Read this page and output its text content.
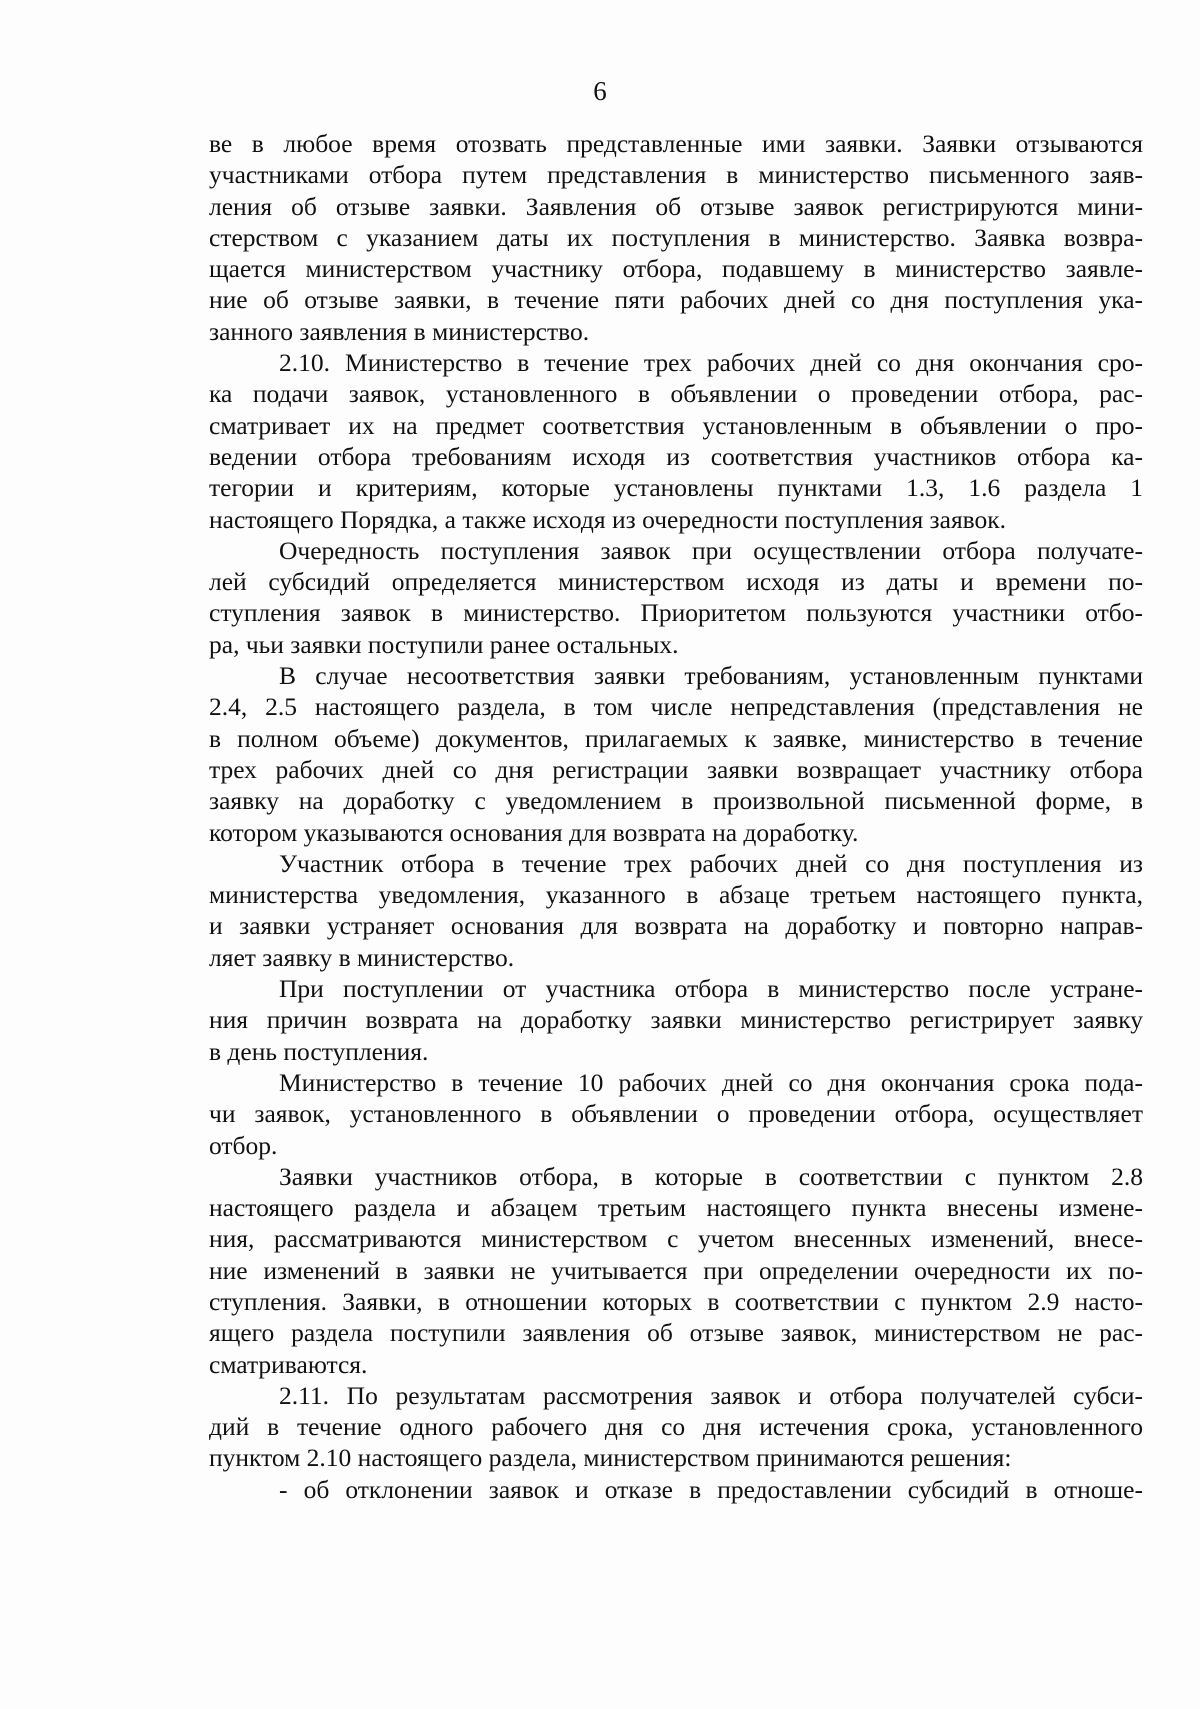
6
ве в любое время отозвать представленные ими заявки. Заявки отзываются
участниками отбора путем представления в министерство письменного заяв-
ления об отзыве заявки. Заявления об отзыве заявок регистрируются мини-
стерством с указанием даты их поступления в министерство. Заявка возвра-
щается министерством участнику отбора, подавшему в министерство заявле-
ние об отзыве заявки, в течение пяти рабочих дней со дня поступления ука-
занного заявления в министерство.
2.10. Министерство в течение трех рабочих дней со дня окончания сро-
ка подачи заявок, установленного в объявлении о проведении отбора, рас-
сматривает их на предмет соответствия установленным в объявлении о про-
ведении отбора требованиям исходя из соответствия участников отбора ка-
тегории и критериям, которые установлены пунктами 1.3, 1.6 раздела 1
настоящего Порядка, а также исходя из очередности поступления заявок.
Очередность поступления заявок при осуществлении отбора получате-
лей субсидий определяется министерством исходя из даты и времени по-
ступления заявок в министерство. Приоритетом пользуются участники отбо-
ра, чьи заявки поступили ранее остальных.
В случае несоответствия заявки требованиям, установленным пунктами
2.4, 2.5 настоящего раздела, в том числе непредставления (представления не
в полном объеме) документов, прилагаемых к заявке, министерство в течение
трех рабочих дней со дня регистрации заявки возвращает участнику отбора
заявку на доработку с уведомлением в произвольной письменной форме, в
котором указываются основания для возврата на доработку.
Участник отбора в течение трех рабочих дней со дня поступления из
министерства уведомления, указанного в абзаце третьем настоящего пункта,
и заявки устраняет основания для возврата на доработку и повторно направ-
ляет заявку в министерство.
При поступлении от участника отбора в министерство после устране-
ния причин возврата на доработку заявки министерство регистрирует заявку
в день поступления.
Министерство в течение 10 рабочих дней со дня окончания срока пода-
чи заявок, установленного в объявлении о проведении отбора, осуществляет
отбор.
Заявки участников отбора, в которые в соответствии с пунктом 2.8
настоящего раздела и абзацем третьим настоящего пункта внесены измене-
ния, рассматриваются министерством с учетом внесенных изменений, внесе-
ние изменений в заявки не учитывается при определении очередности их по-
ступления. Заявки, в отношении которых в соответствии с пунктом 2.9 насто-
ящего раздела поступили заявления об отзыве заявок, министерством не рас-
сматриваются.
2.11. По результатам рассмотрения заявок и отбора получателей субси-
дий в течение одного рабочего дня со дня истечения срока, установленного
пунктом 2.10 настоящего раздела, министерством принимаются решения:
- об отклонении заявок и отказе в предоставлении субсидий в отноше-
